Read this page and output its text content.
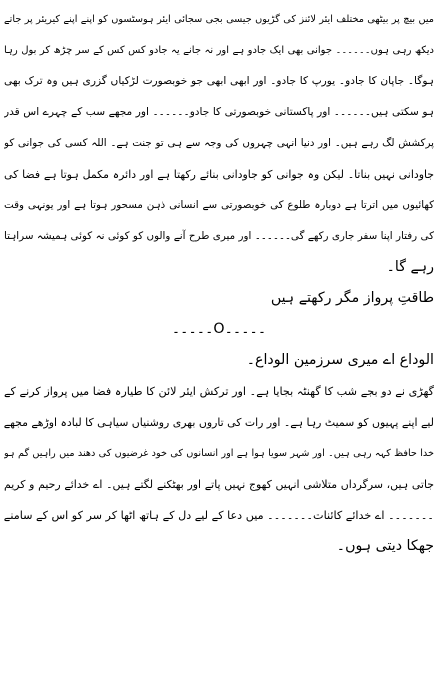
میں بیچ پر بیٹھی مختلف ایئر لائنز کی گڑیوں جیسی بجی سجائی ایئر ہوسٹسوں کو اپنے اپنے کیریئر پر جاتے
دیکھ رہی ہوں۔۔۔۔۔۔ جوانی بھی ایک جادو ہے اور نہ جانے یہ جادو کس کس کے سر چڑھ کر بول رہا
ہوگا۔ جاپان کا جادو۔ یورپ کا جادو۔ اور ابھی ابھی جو خوبصورت لڑکیاں گزری ہیں وہ ترک بھی
ہو سکتی ہیں۔۔۔۔۔۔ اور پاکستانی خوبصورتی کا جادو۔۔۔۔۔۔ اور مجھے سب کے چہرے اس قدر
پرکشش لگ رہے ہیں۔ اور دنیا انہی چہروں کی وجہ سے ہی تو جنت ہے۔ اللہ کسی کی جوانی کو
جاودانی نہیں بناتا۔ لیکن وہ جوانی کو جاودانی بنائے رکھتا ہے اور دائرہ مکمل ہوتا ہے فضا کی
کھائیوں میں اترتا ہے دوبارہ طلوع کی خوبصورتی سے انسانی ذہن مسحور ہوتا ہے اور یونہی وقت
کی رفتار اپنا سفر جاری رکھے گی۔۔۔۔۔۔ اور میری طرح آنے والوں کو کوئی نہ کوئی ہمیشہ سراہتا
رہے گا۔
طاقتِ پرواز مگر رکھتے ہیں
۔۔۔۔۔O۔۔۔۔۔
الوداع اے میری سرزمین الوداع۔
گھڑی نے دو بجے شب کا گھنٹہ بجایا ہے۔ اور ترکش ایئر لائن کا طیارہ فضا میں پرواز کرنے کے
لیے اپنے پہیوں کو سمیٹ رہا ہے۔ اور رات کی تاروں بھری روشنیاں سیاہی کا لبادہ اوڑھے مجھے
خدا حافظ کہہ رہی ہیں۔ اور شہر سویا ہوا ہے اور انسانوں کی خود غرضیوں کی دھند میں راہیں گم ہو
جاتی ہیں، سرگرداں متلاشی انہیں کھوج نہیں پاتے اور بھٹکنے لگتے ہیں۔ اے خدائے رحیم و کریم
۔۔۔۔۔۔۔ اے خدائے کائنات۔۔۔۔۔۔۔ میں دعا کے لیے دل کے ہاتھ اٹھا کر سر کو اس کے سامنے
جھکا دیتی ہوں۔
